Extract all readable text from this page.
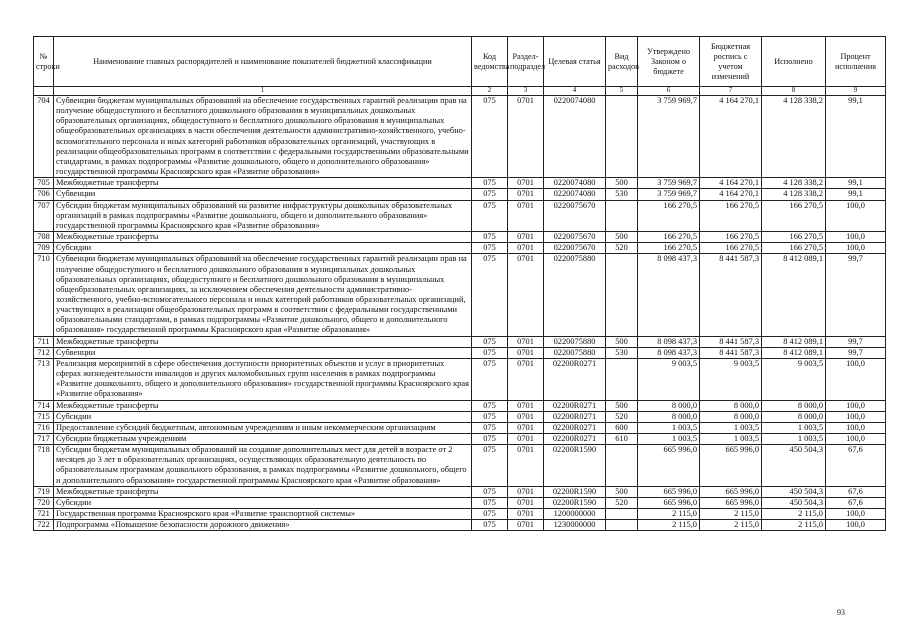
№ строки	Наименование главных распорядителей и наименование показателей бюджетной классификации	Код ведомства	Раздел-подраздел	Целевая статья	Вид расходов	Утверждено Законом о бюджете	Бюджетная роспись с учетом изменений	Исполнено	Процент исполнения
	1	2	3	4	5	6	7	8	9
704	Субвенции бюджетам муниципальных образований на обеспечение государственных гарантий реализации прав на получение общедоступного и бесплатного дошкольного образования в муниципальных дошкольных образовательных организациях, общедоступного и бесплатного дошкольного образования в муниципальных общеобразовательных организациях в части обеспечения деятельности административно-хозяйственного, учебно-вспомогательного персонала и иных категорий работников образовательных организаций, участвующих в реализации общеобразовательных программ в соответствии с федеральными государственными образовательными стандартами, в рамках подпрограммы «Развитие дошкольного, общего и дополнительного образования» государственной программы Красноярского края «Развитие образования»	075	0701	0220074080		3 759 969,7	4 164 270,1	4 128 338,2	99,1
705	Межбюджетные трансферты	075	0701	0220074080	500	3 759 969,7	4 164 270,1	4 128 338,2	99,1
706	Субвенции	075	0701	0220074080	530	3 759 969,7	4 164 270,1	4 128 338,2	99,1
707	Субсидии бюджетам муниципальных образований на развитие инфраструктуры дошкольных образовательных организаций в рамках подпрограммы «Развитие дошкольного, общего и дополнительного образования» государственной программы Красноярского края «Развитие образования»	075	0701	0220075670		166 270,5	166 270,5	166 270,5	100,0
708	Межбюджетные трансферты	075	0701	0220075670	500	166 270,5	166 270,5	166 270,5	100,0
709	Субсидии	075	0701	0220075670	520	166 270,5	166 270,5	166 270,5	100,0
710	Субвенции бюджетам муниципальных образований на обеспечение государственных гарантий реализации прав на получение общедоступного и бесплатного дошкольного образования в муниципальных дошкольных образовательных организациях, общедоступного и бесплатного дошкольного образования в муниципальных общеобразовательных организациях, за исключением обеспечения деятельности административно-хозяйственного, учебно-вспомогательного персонала и иных категорий работников образовательных организаций, участвующих в реализации общеобразовательных программ в соответствии с федеральными государственными образовательными стандартами, в рамках подпрограммы «Развитие дошкольного, общего и дополнительного образования» государственной программы Красноярского края «Развитие образования»	075	0701	0220075880		8 098 437,3	8 441 587,3	8 412 089,1	99,7
711	Межбюджетные трансферты	075	0701	0220075880	500	8 098 437,3	8 441 587,3	8 412 089,1	99,7
712	Субвенции	075	0701	0220075880	530	8 098 437,3	8 441 587,3	8 412 089,1	99,7
713	Реализация мероприятий в сфере обеспечения доступности приоритетных объектов и услуг в приоритетных сферах жизнедеятельности инвалидов и других маломобильных групп населения в рамках подпрограммы «Развитие дошкольного, общего и дополнительного образования» государственной программы Красноярского края «Развитие образования»	075	0701	02200R0271		9 003,5	9 003,5	9 003,5	100,0
714	Межбюджетные трансферты	075	0701	02200R0271	500	8 000,0	8 000,0	8 000,0	100,0
715	Субсидии	075	0701	02200R0271	520	8 000,0	8 000,0	8 000,0	100,0
716	Предоставление субсидий бюджетным, автономным учреждениям и иным некоммерческим организациям	075	0701	02200R0271	600	1 003,5	1 003,5	1 003,5	100,0
717	Субсидии бюджетным учреждениям	075	0701	02200R0271	610	1 003,5	1 003,5	1 003,5	100,0
718	Субсидии бюджетам муниципальных образований на создание дополнительных мест для детей в возрасте от 2 месяцев до 3 лет в образовательных организациях, осуществляющих образовательную деятельность по образовательным программам дошкольного образования, в рамках подпрограммы «Развитие дошкольного, общего и дополнительного образования» государственной программы Красноярского края «Развитие образования»	075	0701	02200R1590		665 996,0	665 996,0	450 504,3	67,6
719	Межбюджетные трансферты	075	0701	02200R1590	500	665 996,0	665 996,0	450 504,3	67,6
720	Субсидии	075	0701	02200R1590	520	665 996,0	665 996,0	450 504,3	67,6
721	Государственная программа Красноярского края «Развитие транспортной системы»	075	0701	1200000000		2 115,0	2 115,0	2 115,0	100,0
722	Подпрограмма «Повышение безопасности дорожного движения»	075	0701	1230000000		2 115,0	2 115,0	2 115,0	100,0
93
